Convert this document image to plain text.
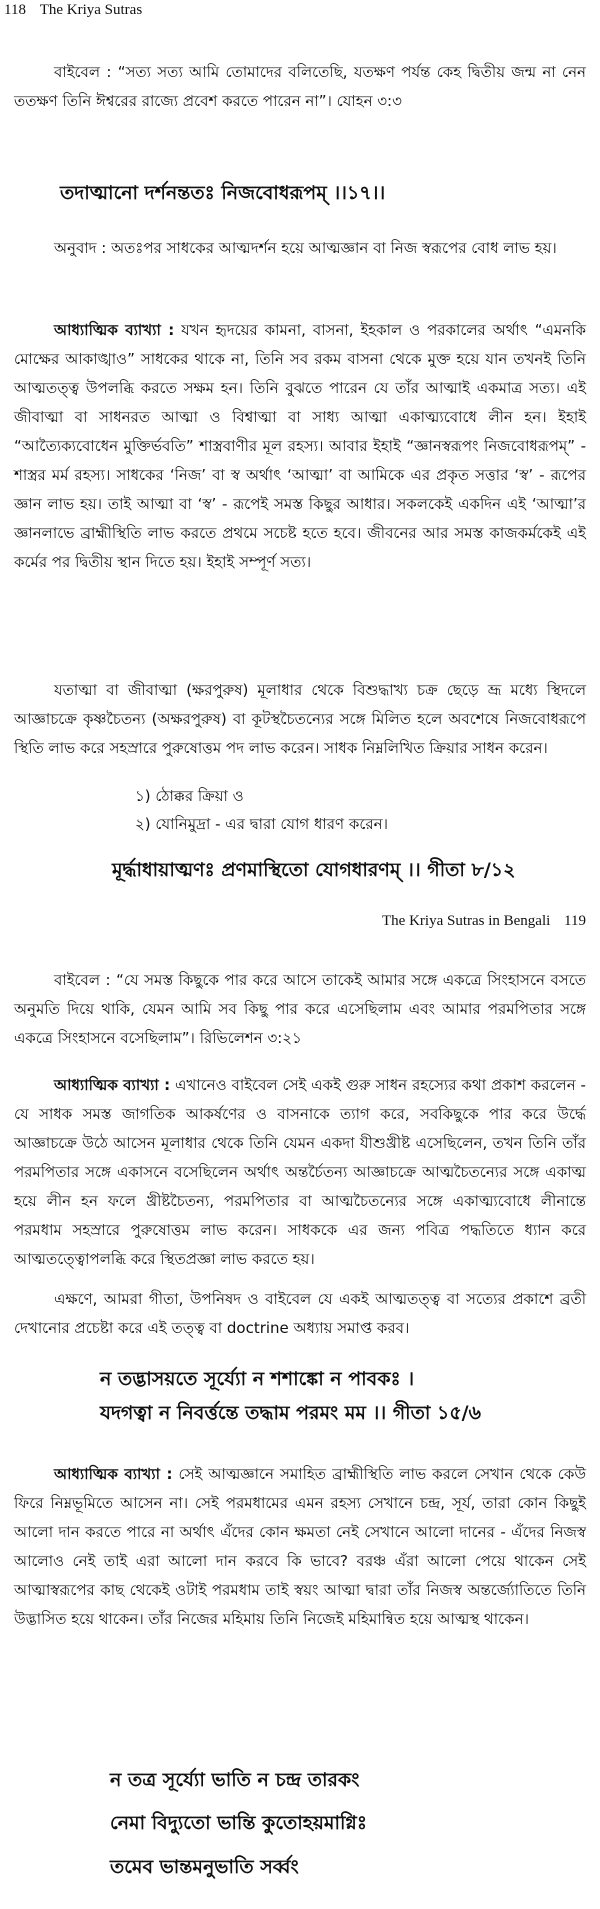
118 The Kriya Sutras
বাইবেল : “সত্য সত্য আমি তোমাদের বলিতেছি, যতক্ষণ পর্যন্ত কেহ দ্বিতীয় জন্ম না নেন ততক্ষণ তিনি ঈশ্বরের রাজ্যে প্রবেশ করতে পারেন না”। যোহন ৩:৩
তদাত্মানো দর্শনন্ততঃ নিজবোধরূপম্ ।।১৭।।
অনুবাদ : অতঃপর সাধকের আত্মদর্শন হয়ে আত্মজ্ঞান বা নিজ স্বরূপের বোধ লাভ হয়।
আধ্যাত্মিক ব্যাখ্যা : যখন হৃদয়ের কামনা, বাসনা, ইহকাল ও পরকালের অর্থাৎ “এমনকি মোক্ষের আকাঙ্খাও” সাধকের থাকে না, তিনি সব রকম বাসনা থেকে মুক্ত হয়ে যান তখনই তিনি আত্মতত্ত্ব উপলব্ধি করতে সক্ষম হন। তিনি বুঝতে পারেন যে তাঁর আত্মাই একমাত্র সত্য। এই জীবাত্মা বা সাধনরত আত্মা ও বিশ্বাত্মা বা সাধ্য আত্মা একাত্ম্যবোধে লীন হন। ইহাই “আত্যৈক্যবোধেন মুক্তিৰ্ভবতি” শাস্ত্রবাণীর মূল রহস্য। আবার ইহাই “জ্ঞানস্বরূপং নিজবোধরূপম্” - শাস্ত্রর মর্ম রহস্য। সাধকের ‘নিজ’ বা স্ব অর্থাৎ ‘আত্মা’ বা আমিকে এর প্রকৃত সত্তার ‘স্ব’ - রূপের জ্ঞান লাভ হয়। তাই আত্মা বা ‘স্ব’ - রূপেই সমস্ত কিছুর আধার। সকলকেই একদিন এই ‘আত্মা’র জ্ঞানলাভে ব্রাহ্মীস্থিতি লাভ করতে প্রথমে সচেষ্ট হতে হবে। জীবনের আর সমস্ত কাজকর্মকেই এই কর্মের পর দ্বিতীয় স্থান দিতে হয়। ইহাই সম্পূর্ণ সত্য।
যতাত্মা বা জীবাত্মা (ক্ষরপুরুষ) মূলাধার থেকে বিশুদ্ধাখ্য চক্র ছেড়ে ভ্রূ মধ্যে স্থিদলে আজ্ঞাচক্রে কৃষ্ণচৈতন্য (অক্ষরপুরুষ) বা কূটস্থচৈতন্যের সঙ্গে মিলিত হলে অবশেষে নিজবোধরূপে স্থিতি লাভ করে সহস্রারে পুরুষোত্তম পদ লাভ করেন। সাধক নিম্নলিখিত ক্রিয়ার সাধন করেন।
১) ঠোক্কর ক্রিয়া ও
২) যোনিমুদ্রা - এর দ্বারা যোগ ধারণ করেন।
মূর্দ্ধাধায়াত্মণঃ প্রণমাস্থিতো যোগধারণম্ ।। গীতা ৮/১২
The Kriya Sutras in Bengali 119
বাইবেল : “যে সমস্ত কিছুকে পার করে আসে তাকেই আমার সঙ্গে একত্রে সিংহাসনে বসতে অনুমতি দিয়ে থাকি, যেমন আমি সব কিছু পার করে এসেছিলাম এবং আমার পরমপিতার সঙ্গে একত্রে সিংহাসনে বসেছিলাম”। রিভিলেশন ৩:২১
আধ্যাত্মিক ব্যাখ্যা : এখানেও বাইবেল সেই একই গুরু সাধন রহস্যের কথা প্রকাশ করলেন - যে সাধক সমস্ত জাগতিক আকর্ষণের ও বাসনাকে ত্যাগ করে, সবকিছুকে পার করে উর্দ্ধে আজ্ঞাচক্রে উঠে আসেন মূলাধার থেকে তিনি যেমন একদা যীশুখ্রীষ্ট এসেছিলেন, তখন তিনি তাঁর পরমপিতার সঙ্গে একাসনে বসেছিলেন অর্থাৎ অন্তর্চৈতন্য আজ্ঞাচক্রে আত্মচৈতন্যের সঙ্গে একাত্ম হয়ে লীন হন ফলে খ্রীষ্টচৈতন্য, পরমপিতার বা আত্মচৈতন্যের সঙ্গে একাত্ম্যবোধে লীনান্তে পরমধাম সহস্রারে পুরুষোত্তম লাভ করেন। সাধককে এর জন্য পবিত্র পদ্ধতিতে ধ্যান করে আত্মতত্ত্বোপলব্ধি করে স্থিতপ্রজ্ঞা লাভ করতে হয়।
এক্ষণে, আমরা গীতা, উপনিষদ ও বাইবেল যে একই আত্মতত্ত্ব বা সত্যের প্রকাশে ব্রতী দেখানোর প্রচেষ্টা করে এই তত্ত্ব বা doctrine অধ্যায় সমাপ্ত করব।
ন তদ্ভাসয়তে সূর্য্যো ন শশাঙ্কো ন পাবকঃ ।
যদগত্বা ন নিবর্ত্তন্তে তদ্ধাম পরমং মম ।। গীতা ১৫/৬
আধ্যাত্মিক ব্যাখ্যা : সেই আত্মজ্ঞানে সমাহিত ব্রাহ্মীস্থিতি লাভ করলে সেখান থেকে কেউ ফিরে নিম্নভূমিতে আসেন না। সেই পরমধামের এমন রহস্য সেখানে চন্দ্র, সূর্য, তারা কোন কিছুই আলো দান করতে পারে না অর্থাৎ এঁদের কোন ক্ষমতা নেই সেখানে আলো দানের - এঁদের নিজস্ব আলোও নেই তাই এরা আলো দান করবে কি ভাবে? বরঞ্চ এঁরা আলো পেয়ে থাকেন সেই আত্মাস্বরূপের কাছ থেকেই ওটাই পরমধাম তাই স্বয়ং আত্মা দ্বারা তাঁর নিজস্ব অন্তর্জ্যোতিতে তিনি উদ্ভাসিত হয়ে থাকেন। তাঁর নিজের মহিমায় তিনি নিজেই মহিমান্বিত হয়ে আত্মস্থ থাকেন।
ন তত্র সূর্য্যো ভাতি ন চন্দ্র তারকং
নেমা বিদ্যুতো ভান্তি কুতোহয়মাগ্নিঃ
তমেব ভান্তমনুভাতি সর্ব্বং
